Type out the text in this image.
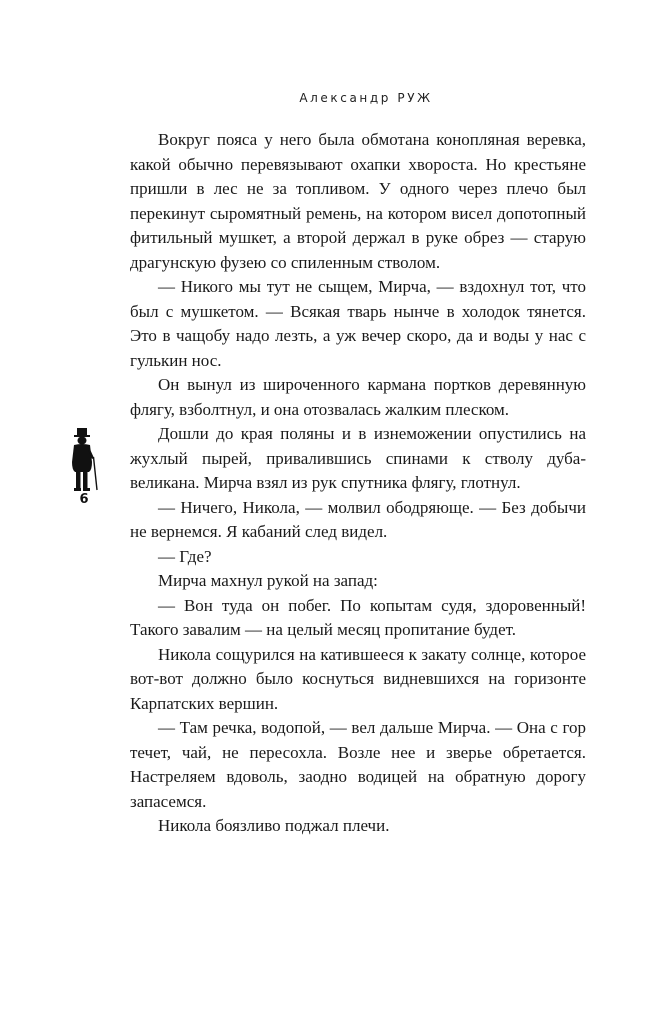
Александр РУЖ

Вокруг пояса у него была обмотана конопляная веревка, какой обычно перевязывают охапки хвороста. Но крестьяне пришли в лес не за топливом. У одного через плечо был перекинут сыромятный ремень, на котором висел допотопный фитильный мушкет, а второй держал в руке обрез — старую драгунскую фузею со спиленным стволом.

— Никого мы тут не сыщем, Мирча, — вздохнул тот, что был с мушкетом. — Всякая тварь нынче в холодок тянется. Это в чащобу надо лезть, а уж вечер скоро, да и воды у нас с гулькин нос.

Он вынул из широченного кармана портков деревянную флягу, взболтнул, и она отозвалась жалким плеском.

Дошли до края поляны и в изнеможении опустились на жухлый пырей, привалившись спинами к стволу дуба-великана. Мирча взял из рук спутника флягу, глотнул.

— Ничего, Никола, — молвил ободряюще. — Без добычи не вернемся. Я кабаний след видел.

— Где?

Мирча махнул рукой на запад:

— Вон туда он побег. По копытам судя, здоровенный! Такого завалим — на целый месяц пропитание будет.

Никола сощурился на катившееся к закату солнце, которое вот-вот должно было коснуться видневшихся на горизонте Карпатских вершин.

— Там речка, водопой, — вел дальше Мирча. — Она с гор течет, чай, не пересохла. Возле нее и зверье обретается. Настреляем вдоволь, заодно водицей на обратную дорогу запасемся.

Никола боязливо поджал плечи.

6
